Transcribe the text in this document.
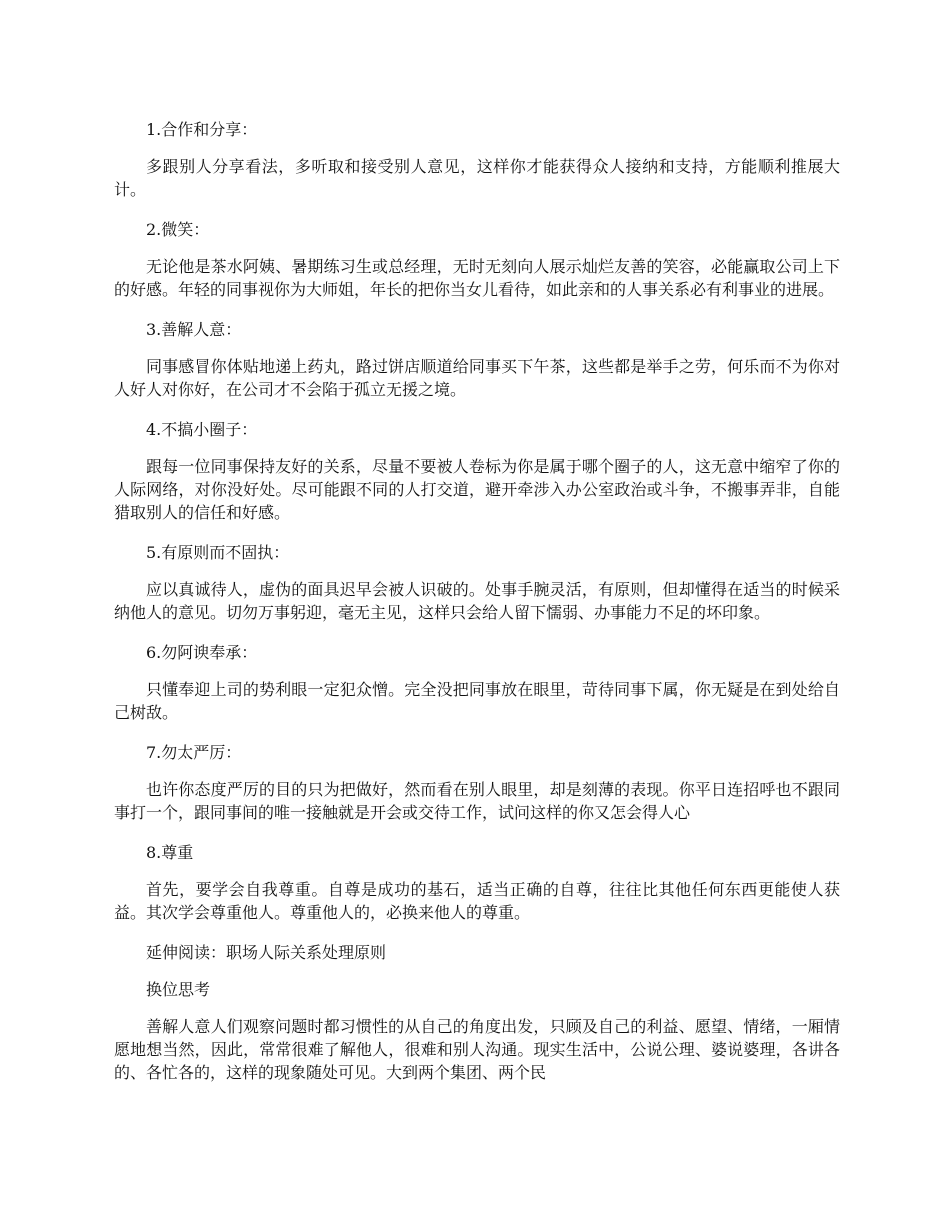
1.合作和分享：

多跟别人分享看法，多听取和接受别人意见，这样你才能获得众人接纳和支持，方能顺利推展大计。

2.微笑：

无论他是茶水阿姨、暑期练习生或总经理，无时无刻向人展示灿烂友善的笑容，必能赢取公司上下的好感。年轻的同事视你为大师姐，年长的把你当女儿看待，如此亲和的人事关系必有利事业的进展。

3.善解人意：

同事感冒你体贴地递上药丸，路过饼店顺道给同事买下午茶，这些都是举手之劳，何乐而不为你对人好人对你好，在公司才不会陷于孤立无援之境。

4.不搞小圈子：

跟每一位同事保持友好的关系，尽量不要被人卷标为你是属于哪个圈子的人，这无意中缩窄了你的人际网络，对你没好处。尽可能跟不同的人打交道，避开牵涉入办公室政治或斗争，不搬事弄非，自能猎取别人的信任和好感。

5.有原则而不固执：

应以真诚待人，虚伪的面具迟早会被人识破的。处事手腕灵活，有原则，但却懂得在适当的时候采纳他人的意见。切勿万事躬迎，毫无主见，这样只会给人留下懦弱、办事能力不足的坏印象。

6.勿阿谀奉承：

只懂奉迎上司的势利眼一定犯众憎。完全没把同事放在眼里，苛待同事下属，你无疑是在到处给自己树敌。

7.勿太严厉：

也许你态度严厉的目的只为把做好，然而看在别人眼里，却是刻薄的表现。你平日连招呼也不跟同事打一个，跟同事间的唯一接触就是开会或交待工作，试问这样的你又怎会得人心

8.尊重

首先，要学会自我尊重。自尊是成功的基石，适当正确的自尊，往往比其他任何东西更能使人获益。其次学会尊重他人。尊重他人的，必换来他人的尊重。

延伸阅读：职场人际关系处理原则

换位思考

善解人意人们观察问题时都习惯性的从自己的角度出发，只顾及自己的利益、愿望、情绪，一厢情愿地想当然，因此，常常很难了解他人，很难和别人沟通。现实生活中，公说公理、婆说婆理，各讲各的、各忙各的，这样的现象随处可见。大到两个集团、两个民
